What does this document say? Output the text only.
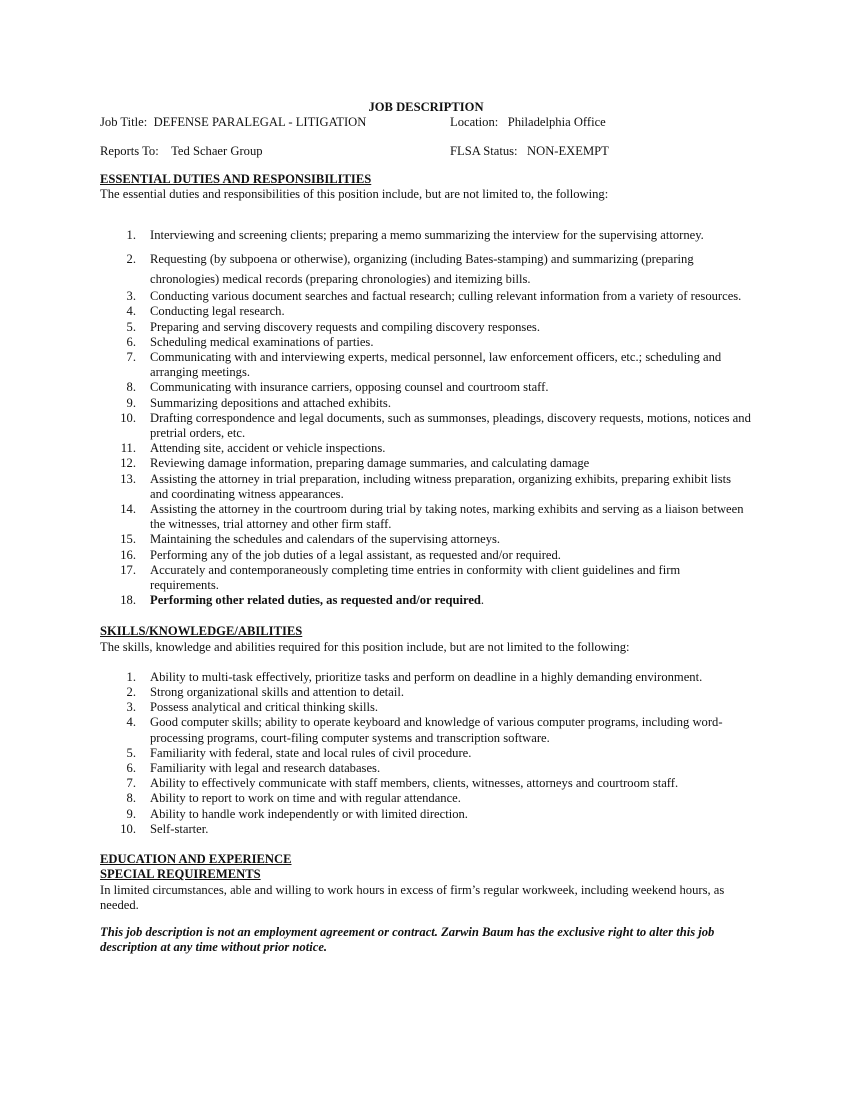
JOB DESCRIPTION

Job Title: DEFENSE PARALEGAL - LITIGATION	Location: Philadelphia Office
Reports To: Ted Schaer Group	FLSA Status: NON-EXEMPT

ESSENTIAL DUTIES AND RESPONSIBILITIES

The essential duties and responsibilities of this position include, but are not limited to, the following:

1. Interviewing and screening clients; preparing a memo summarizing the interview for the supervising attorney.
2. Requesting (by subpoena or otherwise), organizing (including Bates-stamping) and summarizing (preparing chronologies) medical records (preparing chronologies) and itemizing bills.
3. Conducting various document searches and factual research; culling relevant information from a variety of resources.
4. Conducting legal research.
5. Preparing and serving discovery requests and compiling discovery responses.
6. Scheduling medical examinations of parties.
7. Communicating with and interviewing experts, medical personnel, law enforcement officers, etc.; scheduling and arranging meetings.
8. Communicating with insurance carriers, opposing counsel and courtroom staff.
9. Summarizing depositions and attached exhibits.
10. Drafting correspondence and legal documents, such as summonses, pleadings, discovery requests, motions, notices and pretrial orders, etc.
11. Attending site, accident or vehicle inspections.
12. Reviewing damage information, preparing damage summaries, and calculating damage
13. Assisting the attorney in trial preparation, including witness preparation, organizing exhibits, preparing exhibit lists and coordinating witness appearances.
14. Assisting the attorney in the courtroom during trial by taking notes, marking exhibits and serving as a liaison between the witnesses, trial attorney and other firm staff.
15. Maintaining the schedules and calendars of the supervising attorneys.
16. Performing any of the job duties of a legal assistant, as requested and/or required.
17. Accurately and contemporaneously completing time entries in conformity with client guidelines and firm requirements.
18. Performing other related duties, as requested and/or required.

SKILLS/KNOWLEDGE/ABILITIES

The skills, knowledge and abilities required for this position include, but are not limited to the following:

1. Ability to multi-task effectively, prioritize tasks and perform on deadline in a highly demanding environment.
2. Strong organizational skills and attention to detail.
3. Possess analytical and critical thinking skills.
4. Good computer skills; ability to operate keyboard and knowledge of various computer programs, including word-processing programs, court-filing computer systems and transcription software.
5. Familiarity with federal, state and local rules of civil procedure.
6. Familiarity with legal and research databases.
7. Ability to effectively communicate with staff members, clients, witnesses, attorneys and courtroom staff.
8. Ability to report to work on time and with regular attendance.
9. Ability to handle work independently or with limited direction.
10. Self-starter.

EDUCATION AND EXPERIENCE

SPECIAL REQUIREMENTS

In limited circumstances, able and willing to work hours in excess of firm’s regular workweek, including weekend hours, as needed.

This job description is not an employment agreement or contract. Zarwin Baum has the exclusive right to alter this job description at any time without prior notice.
